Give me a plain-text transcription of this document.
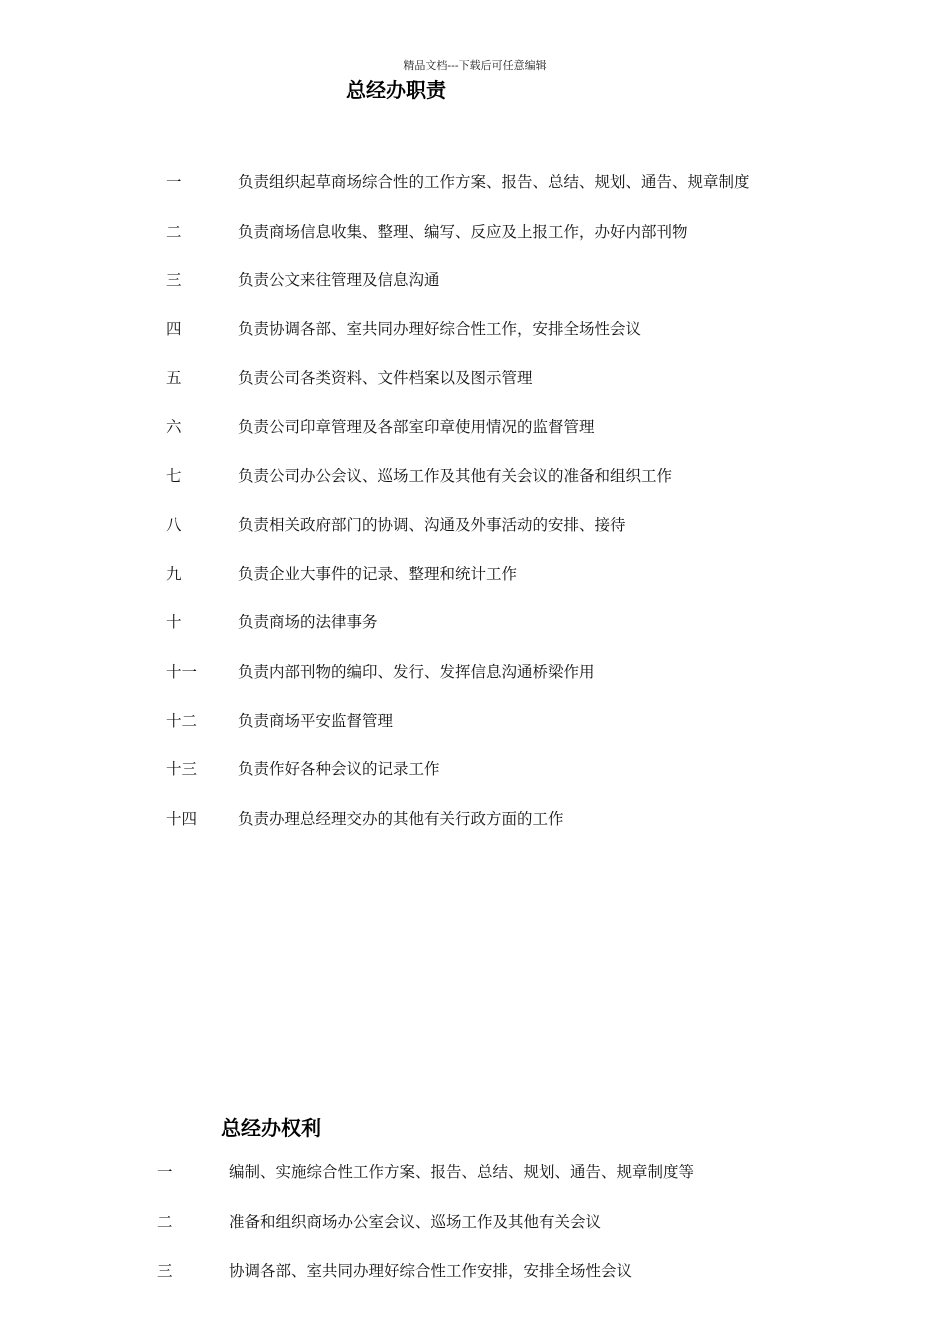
精品文档---下载后可任意编辑
总经办职责
一	负责组织起草商场综合性的工作方案、报告、总结、规划、通告、规章制度
二	负责商场信息收集、整理、编写、反应及上报工作，办好内部刊物
三	负责公文来往管理及信息沟通
四	负责协调各部、室共同办理好综合性工作，安排全场性会议
五	负责公司各类资料、文件档案以及图示管理
六	负责公司印章管理及各部室印章使用情况的监督管理
七	负责公司办公会议、巡场工作及其他有关会议的准备和组织工作
八	负责相关政府部门的协调、沟通及外事活动的安排、接待
九	负责企业大事件的记录、整理和统计工作
十	负责商场的法律事务
十一	负责内部刊物的编印、发行、发挥信息沟通桥梁作用
十二	负责商场平安监督管理
十三	负责作好各种会议的记录工作
十四	负责办理总经理交办的其他有关行政方面的工作
总经办权利
一	编制、实施综合性工作方案、报告、总结、规划、通告、规章制度等
二	准备和组织商场办公室会议、巡场工作及其他有关会议
三	协调各部、室共同办理好综合性工作安排，安排全场性会议
